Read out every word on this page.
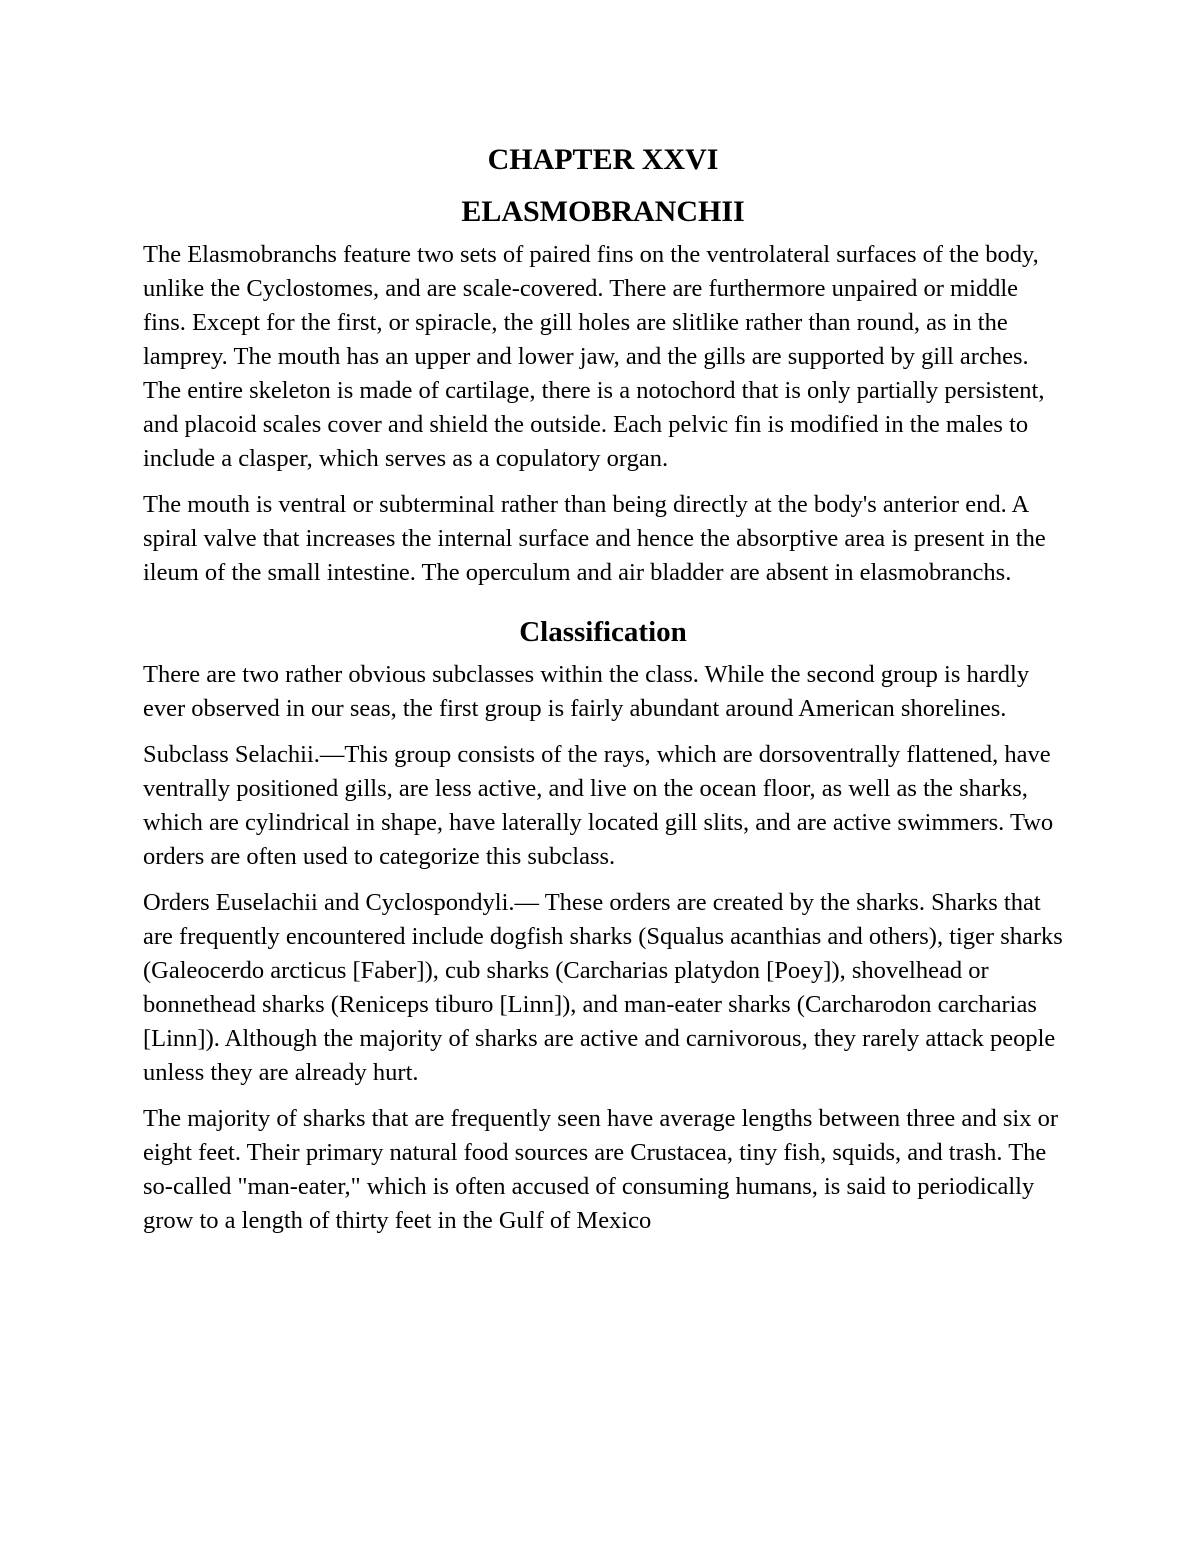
CHAPTER XXVI
ELASMOBRANCHII

The Elasmobranchs feature two sets of paired fins on the ventrolateral surfaces of the body, unlike the Cyclostomes, and are scale-covered. There are furthermore unpaired or middle fins. Except for the first, or spiracle, the gill holes are slitlike rather than round, as in the lamprey. The mouth has an upper and lower jaw, and the gills are supported by gill arches. The entire skeleton is made of cartilage, there is a notochord that is only partially persistent, and placoid scales cover and shield the outside. Each pelvic fin is modified in the males to include a clasper, which serves as a copulatory organ.

The mouth is ventral or subterminal rather than being directly at the body's anterior end. A spiral valve that increases the internal surface and hence the absorptive area is present in the ileum of the small intestine. The operculum and air bladder are absent in elasmobranchs.

Classification

There are two rather obvious subclasses within the class. While the second group is hardly ever observed in our seas, the first group is fairly abundant around American shorelines.

Subclass Selachii.—This group consists of the rays, which are dorsoventrally flattened, have ventrally positioned gills, are less active, and live on the ocean floor, as well as the sharks, which are cylindrical in shape, have laterally located gill slits, and are active swimmers. Two orders are often used to categorize this subclass.

Orders Euselachii and Cyclospondyli.— These orders are created by the sharks. Sharks that are frequently encountered include dogfish sharks (Squalus acanthias and others), tiger sharks (Galeocerdo arcticus [Faber]), cub sharks (Carcharias platydon [Poey]), shovelhead or bonnethead sharks (Reniceps tiburo [Linn]), and man-eater sharks (Carcharodon carcharias [Linn]). Although the majority of sharks are active and carnivorous, they rarely attack people unless they are already hurt.

The majority of sharks that are frequently seen have average lengths between three and six or eight feet. Their primary natural food sources are Crustacea, tiny fish, squids, and trash. The so-called "man-eater," which is often accused of consuming humans, is said to periodically grow to a length of thirty feet in the Gulf of Mexico
